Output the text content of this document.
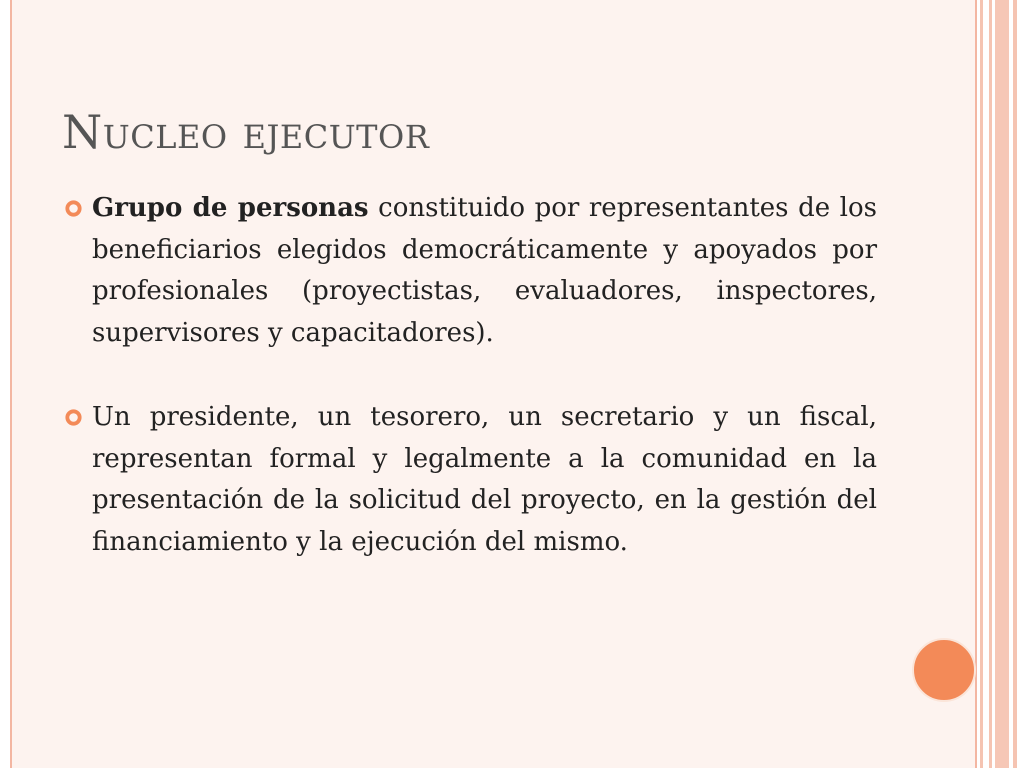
Nucleo ejecutor
Grupo de personas constituido por representantes de los beneficiarios elegidos democráticamente y apoyados por profesionales (proyectistas, evaluadores, inspectores, supervisores y capacitadores).
Un presidente, un tesorero, un secretario y un fiscal, representan formal y legalmente a la comunidad en la presentación de la solicitud del proyecto, en la gestión del financiamiento y la ejecución del mismo.
